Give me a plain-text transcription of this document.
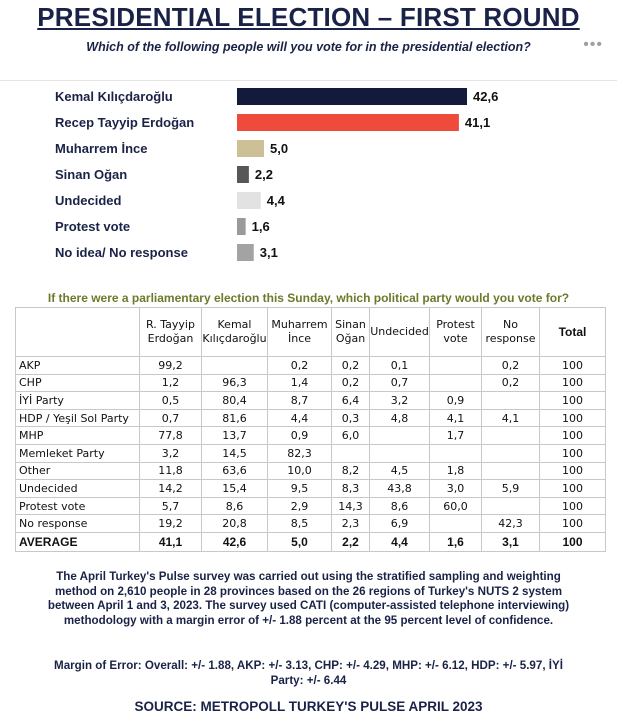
PRESIDENTIAL ELECTION – FIRST ROUND
Which of the following people will you vote for in the presidential election?	•••
Kemal Kılıçdaroğlu	42,6
Recep Tayyip Erdoğan	41,1
Muharrem İnce	5,0
Sinan Oğan	2,2
Undecided	4,4
Protest vote	1,6
No idea/ No response	3,1
If there were a parliamentary election this Sunday, which political party would you vote for?
	R. Tayyip Erdoğan	Kemal Kılıçdaroğlu	Muharrem İnce	Sinan Oğan	Undecided	Protest vote	No response	Total
AKP	99,2		0,2	0,2	0,1		0,2	100
CHP	1,2	96,3	1,4	0,2	0,7		0,2	100
İYİ Party	0,5	80,4	8,7	6,4	3,2	0,9		100
HDP / Yeşil Sol Party	0,7	81,6	4,4	0,3	4,8	4,1	4,1	100
MHP	77,8	13,7	0,9	6,0		1,7		100
Memleket Party	3,2	14,5	82,3					100
Other	11,8	63,6	10,0	8,2	4,5	1,8		100
Undecided	14,2	15,4	9,5	8,3	43,8	3,0	5,9	100
Protest vote	5,7	8,6	2,9	14,3	8,6	60,0		100
No response	19,2	20,8	8,5	2,3	6,9		42,3	100
AVERAGE	41,1	42,6	5,0	2,2	4,4	1,6	3,1	100
The April Turkey's Pulse survey was carried out using the stratified sampling and weighting method on 2,610 people in 28 provinces based on the 26 regions of Turkey's NUTS 2 system between April 1 and 3, 2023. The survey used CATI (computer-assisted telephone interviewing) methodology with a margin error of +/- 1.88 percent at the 95 percent level of confidence.
Margin of Error: Overall: +/- 1.88, AKP: +/- 3.13, CHP: +/- 4.29, MHP: +/- 6.12, HDP: +/- 5.97, İYİ Party: +/- 6.44
SOURCE: METROPOLL TURKEY'S PULSE APRIL 2023
